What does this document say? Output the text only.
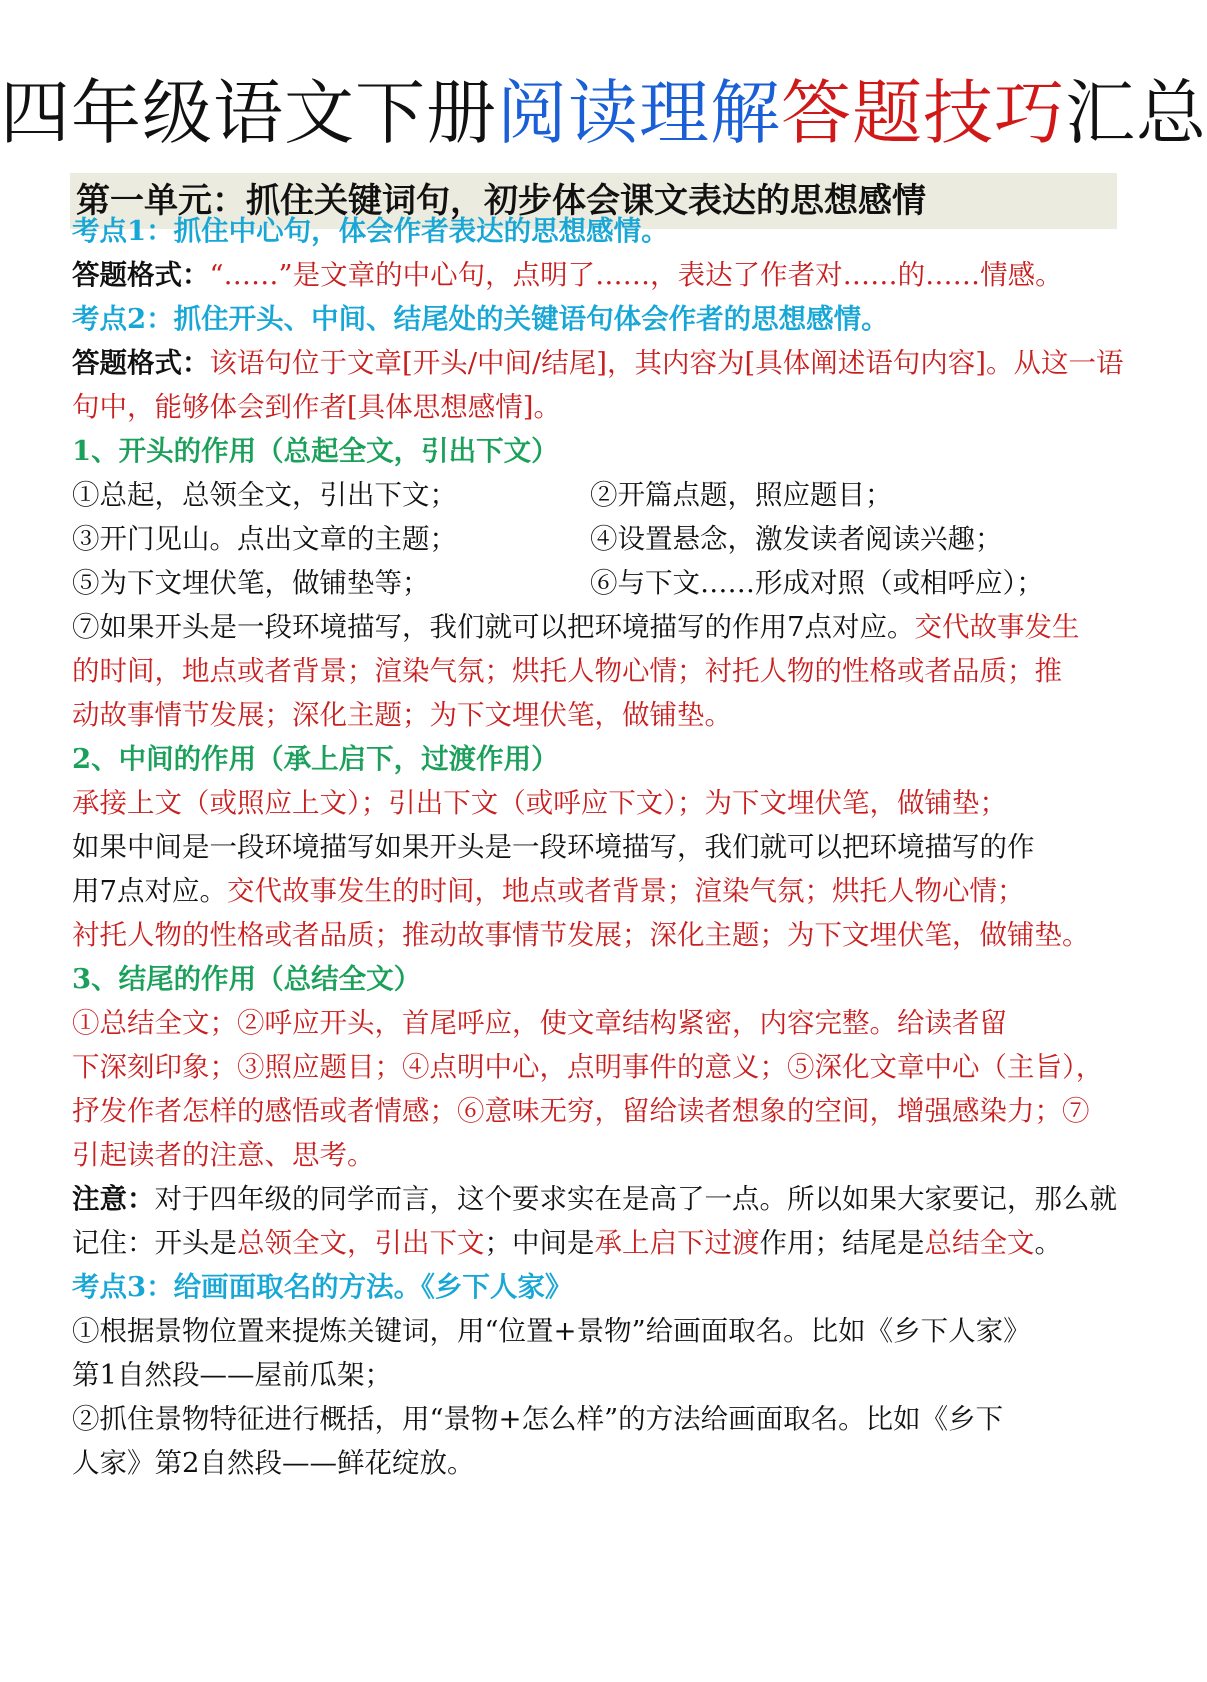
四年级语文下册阅读理解答题技巧汇总
第一单元：抓住关键词句，初步体会课文表达的思想感情
考点1：抓住中心句，体会作者表达的思想感情。
答题格式：“……”是文章的中心句，点明了……，表达了作者对……的……情感。
考点2：抓住开头、中间、结尾处的关键语句体会作者的思想感情。
答题格式：该语句位于文章[开头/中间/结尾]，其内容为[具体阐述语句内容]。从这一语
句中，能够体会到作者[具体思想感情]。
1、开头的作用（总起全文，引出下文）
①总起，总领全文，引出下文；	②开篇点题，照应题目；
③开门见山。点出文章的主题；	④设置悬念，激发读者阅读兴趣；
⑤为下文埋伏笔，做铺垫等；	⑥与下文……形成对照（或相呼应）；
⑦如果开头是一段环境描写，我们就可以把环境描写的作用7点对应。交代故事发生
的时间，地点或者背景；渲染气氛；烘托人物心情；衬托人物的性格或者品质；推
动故事情节发展；深化主题；为下文埋伏笔，做铺垫。
2、中间的作用（承上启下，过渡作用）
承接上文（或照应上文）；引出下文（或呼应下文）；为下文埋伏笔，做铺垫；
如果中间是一段环境描写如果开头是一段环境描写，我们就可以把环境描写的作
用7点对应。交代故事发生的时间，地点或者背景；渲染气氛；烘托人物心情；
衬托人物的性格或者品质；推动故事情节发展；深化主题；为下文埋伏笔，做铺垫。
3、结尾的作用（总结全文）
①总结全文；②呼应开头，首尾呼应，使文章结构紧密，内容完整。给读者留
下深刻印象；③照应题目；④点明中心，点明事件的意义；⑤深化文章中心（主旨），
抒发作者怎样的感悟或者情感；⑥意味无穷，留给读者想象的空间，增强感染力；⑦
引起读者的注意、思考。
注意：对于四年级的同学而言，这个要求实在是高了一点。所以如果大家要记，那么就
记住：开头是总领全文，引出下文；中间是承上启下过渡作用；结尾是总结全文。
考点3：给画面取名的方法。《乡下人家》
①根据景物位置来提炼关键词，用“位置+景物”给画面取名。比如《乡下人家》
第1自然段——屋前瓜架；
②抓住景物特征进行概括，用“景物+怎么样”的方法给画面取名。比如《乡下
人家》第2自然段——鲜花绽放。
